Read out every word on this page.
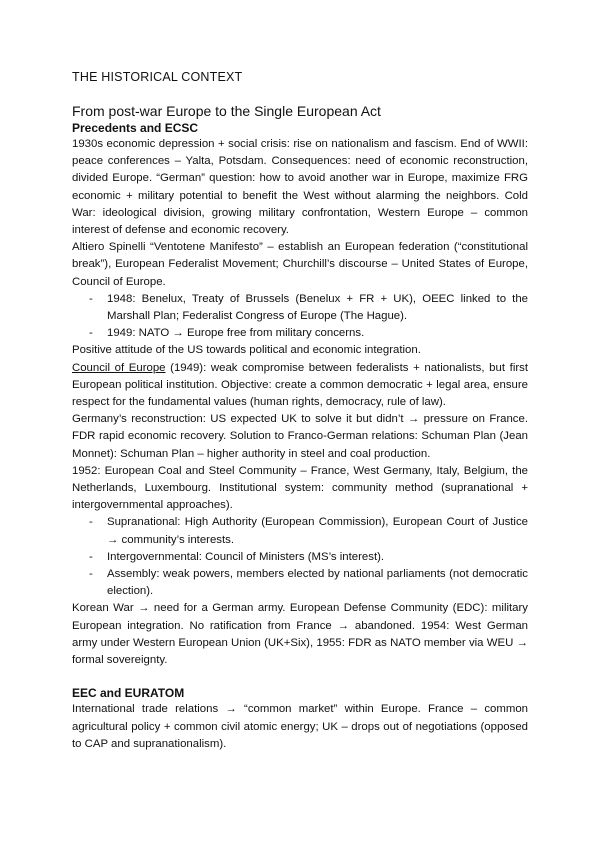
THE HISTORICAL CONTEXT
From post-war Europe to the Single European Act
Precedents and ECSC

1930s economic depression + social crisis: rise on nationalism and fascism. End of WWII: peace conferences – Yalta, Potsdam. Consequences: need of economic reconstruction, divided Europe. “German” question: how to avoid another war in Europe, maximize FRG economic + military potential to benefit the West without alarming the neighbors. Cold War: ideological division, growing military confrontation, Western Europe – common interest of defense and economic recovery.

Altiero Spinelli “Ventotene Manifesto” – establish an European federation (“constitutional break”), European Federalist Movement; Churchill’s discourse – United States of Europe, Council of Europe.

- 1948: Benelux, Treaty of Brussels (Benelux + FR + UK), OEEC linked to the Marshall Plan; Federalist Congress of Europe (The Hague).
- 1949: NATO → Europe free from military concerns.

Positive attitude of the US towards political and economic integration.

Council of Europe (1949): weak compromise between federalists + nationalists, but first European political institution. Objective: create a common democratic + legal area, ensure respect for the fundamental values (human rights, democracy, rule of law).

Germany’s reconstruction: US expected UK to solve it but didn’t → pressure on France. FDR rapid economic recovery. Solution to Franco-German relations: Schuman Plan (Jean Monnet): Schuman Plan – higher authority in steel and coal production.

1952: European Coal and Steel Community – France, West Germany, Italy, Belgium, the Netherlands, Luxembourg. Institutional system: community method (supranational + intergovernmental approaches).

- Supranational: High Authority (European Commission), European Court of Justice → community’s interests.
- Intergovernmental: Council of Ministers (MS’s interest).
- Assembly: weak powers, members elected by national parliaments (not democratic election).

Korean War → need for a German army. European Defense Community (EDC): military European integration. No ratification from France → abandoned. 1954: West German army under Western European Union (UK+Six), 1955: FDR as NATO member via WEU → formal sovereignty.

EEC and EURATOM

International trade relations → “common market” within Europe. France – common agricultural policy + common civil atomic energy; UK – drops out of negotiations (opposed to CAP and supranationalism).
